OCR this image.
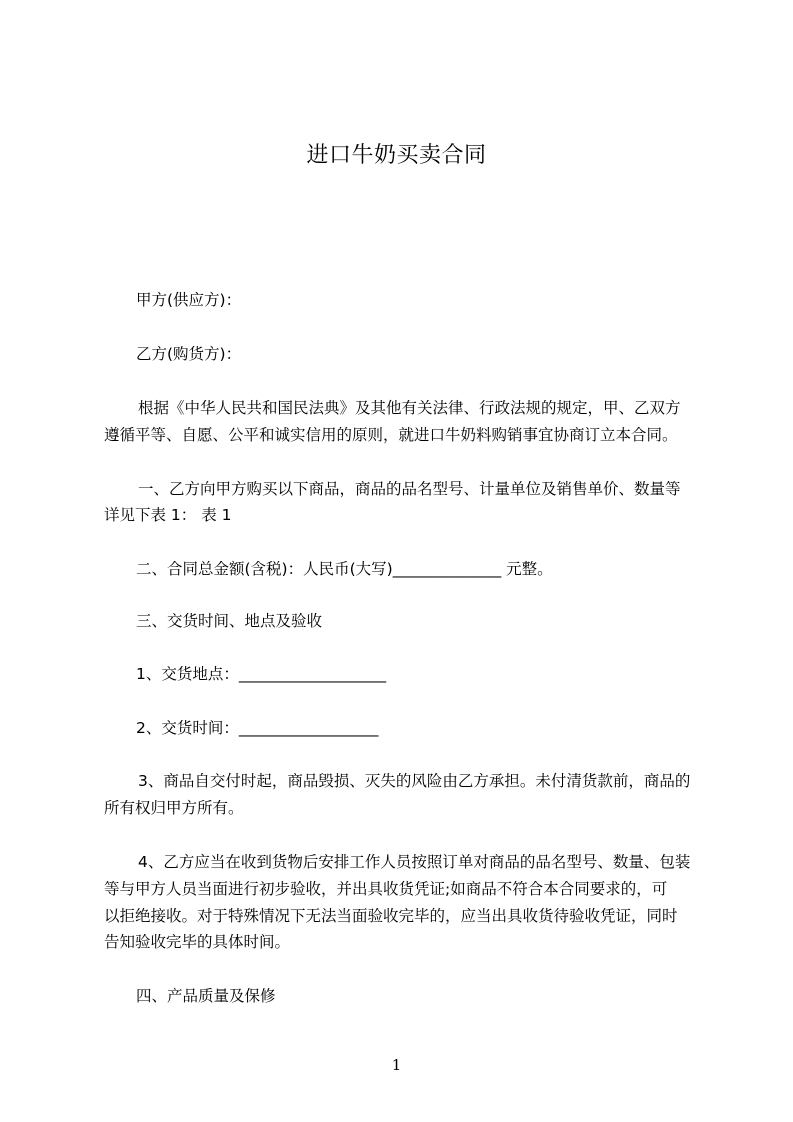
进口牛奶买卖合同
甲方(供应方)：
乙方(购货方)：
根据《中华人民共和国民法典》及其他有关法律、行政法规的规定，甲、乙双方
遵循平等、自愿、公平和诚实信用的原则，就进口牛奶料购销事宜协商订立本合同。
一、乙方向甲方购买以下商品，商品的品名型号、计量单位及销售单价、数量等
详见下表 1： 表 1
二、合同总金额(含税)：人民币(大写)______________ 元整。
三、交货时间、地点及验收
1、交货地点：___________________
2、交货时间：__________________
3、商品自交付时起，商品毁损、灭失的风险由乙方承担。未付清货款前，商品的
所有权归甲方所有。
4、乙方应当在收到货物后安排工作人员按照订单对商品的品名型号、数量、包装
等与甲方人员当面进行初步验收，并出具收货凭证;如商品不符合本合同要求的，可
以拒绝接收。对于特殊情况下无法当面验收完毕的，应当出具收货待验收凭证，同时
告知验收完毕的具体时间。
四、产品质量及保修
1
